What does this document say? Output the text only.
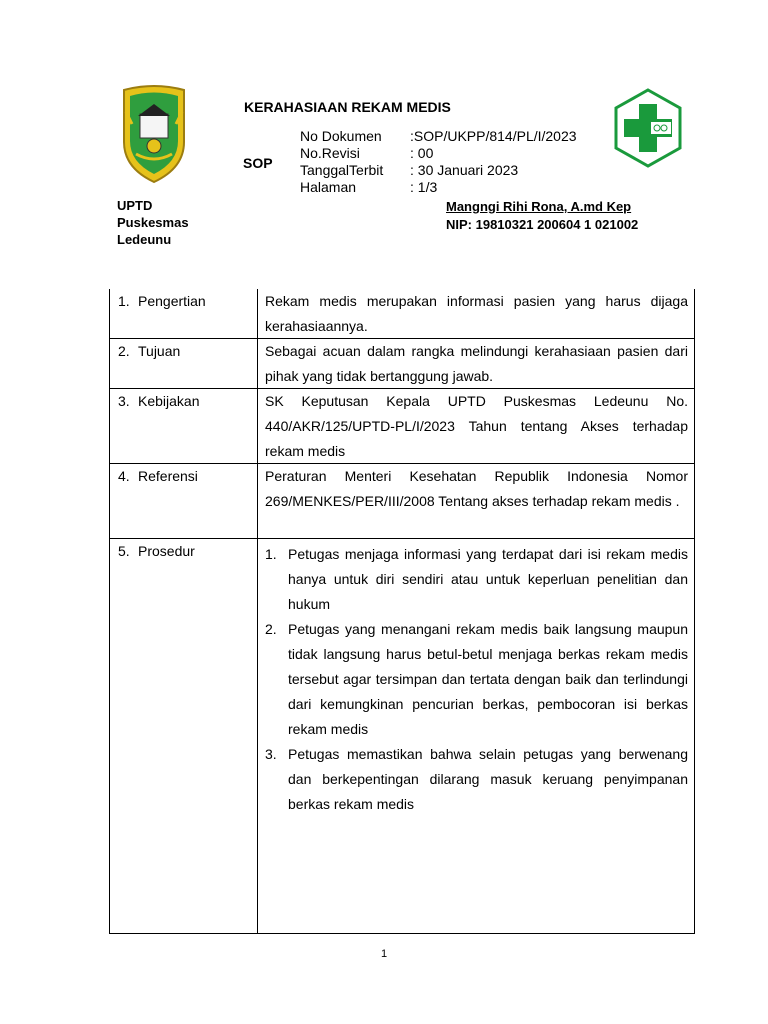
KERAHASIAAN REKAM MEDIS
SOP
No Dokumen	:SOP/UKPP/814/PL/I/2023
No.Revisi	: 00
TanggalTerbit	: 30 Januari 2023
Halaman	: 1/3
UPTD
Puskesmas
Ledeunu
Mangngi Rihi Rona, A.md Kep
NIP: 19810321 200604 1 021002
1. Pengertian	Rekam medis merupakan informasi pasien yang harus dijaga kerahasiaannya.
2. Tujuan	Sebagai acuan dalam rangka melindungi kerahasiaan pasien dari pihak yang tidak bertanggung jawab.
3. Kebijakan	SK Keputusan Kepala UPTD Puskesmas Ledeunu No. 440/AKR/125/UPTD-PL/I/2023 Tahun tentang Akses terhadap rekam medis
4. Referensi	Peraturan Menteri Kesehatan Republik Indonesia Nomor 269/MENKES/PER/III/2008 Tentang akses terhadap rekam medis .
5. Prosedur	1. Petugas menjaga informasi yang terdapat dari isi rekam medis hanya untuk diri sendiri atau untuk keperluan penelitian dan hukum
2. Petugas yang menangani rekam medis baik langsung maupun tidak langsung harus betul-betul menjaga berkas rekam medis tersebut agar tersimpan dan tertata dengan baik dan terlindungi dari kemungkinan pencurian berkas, pembocoran isi berkas rekam medis
3. Petugas memastikan bahwa selain petugas yang berwenang dan berkepentingan dilarang masuk keruang penyimpanan berkas rekam medis
1
